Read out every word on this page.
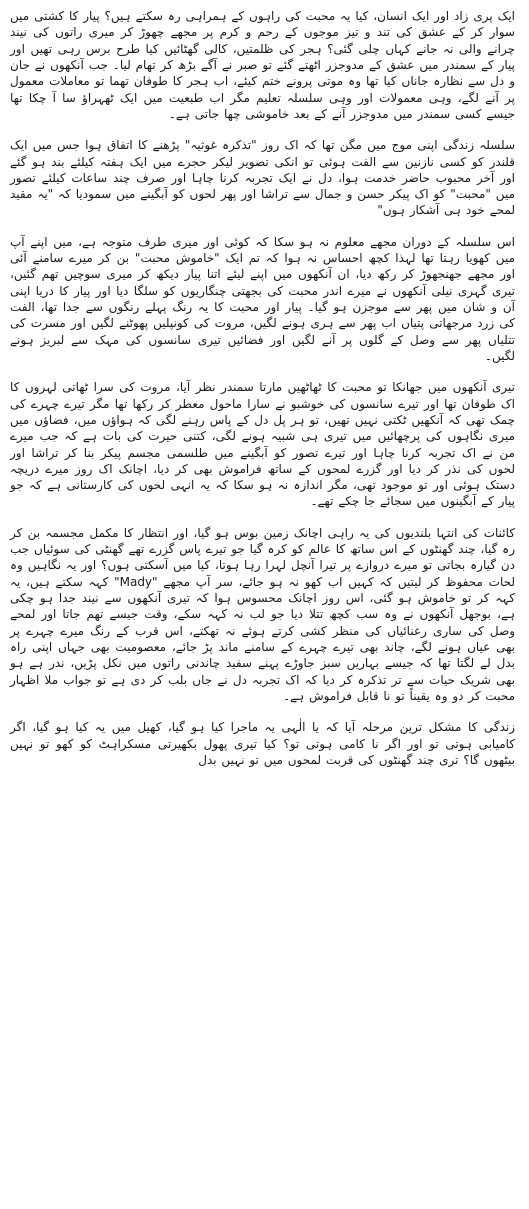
ایک پری زاد اور ایک انسان، کیا یہ محبت کی راہوں کے ہمراہی رہ سکتے ہیں؟ پیار کا کشتی میں سوار کر کے عشق کی تند و تیز موجوں کے رحم و کرم پر مجھے چھوڑ کر میری راتوں کی نیند چرانے والی نہ جانے کہاں چلی گئی؟ ہجر کی ظلمتیں، کالی گھٹائیں کیا طرح برس رہی تھیں اور پیار کے سمندر میں عشق کے مدوجزر اٹھتے گئے تو صبر نے آگے بڑھ کر تھام لیا۔ جب آنکھوں نے جان و دل سے نظارہ جاناں کیا تھا وہ موتی پرونے ختم کیئے، اب ہجر کا طوفان تھما تو معاملات معمول پر آنے لگے، وہی معمولات اور وہی سلسلہ تعلیم مگر اب طبعیت میں ایک ٹھہراؤ سا آ چکا تھا جیسے کسی سمندر میں مدوجزر آنے کے بعد خاموشی چھا جاتی ہے۔

سلسلہ زندگی اپنی موج میں مگن تھا کہ اک روز "تذکرہ غوثیہ" پڑھنے کا اتفاق ہوا جس میں ایک قلندر کو کسی نازنین سے الفت ہوئی تو انکی تصویر لیکر حجرے میں ایک ہفتہ کیلئے بند ہو گئے اور آخر محبوب حاضر خدمت ہوا، دل نے ایک تجربہ کرنا چاہا اور صرف چند ساعات کیلئے تصور میں "محبت" کو اک پیکر حسن و جمال سے تراشا اور پھر لحوں کو آبگینے میں سمودیا کہ "یہ مقید لمحے خود ہی آشکار ہوں"

اس سلسلہ کے دوران مجھے معلوم نہ ہو سکا کہ کوئی اور میری طرف متوجہ ہے، میں اپنے آپ میں کھویا رہتا تھا لہذا کچھ احساس نہ ہوا کہ تم ایک "خاموش محبت" بن کر میرے سامنے آئی اور مجھے جھنجھوڑ کر رکھ دیا، ان آنکھوں میں اپنے لیئے اتنا پیار دیکھ کر میری سوچیں تھم گئیں، تیری گہری نیلی آنکھوں نے میرے اندر محبت کی بجھتی چنگاریوں کو سلگا دیا اور پیار کا دریا اپنی آن و شان میں پھر سے موجزن ہو گیا۔ پیار اور محبت کا یہ رنگ پہلے رنگوں سے جدا تھا، الفت کی زرد مرجھاتی پتیاں اب پھر سے ہری ہونے لگیں، مروت کی کونپلیں پھوٹنے لگیں اور مسرت کی تتلیاں پھر سے وصل کے گلوں پر آنے لگیں اور فضائیں تیری سانسوں کی مہک سے لبریز ہونے لگیں۔

تیری آنکھوں میں جھانکا تو محبت کا ٹھاٹھیں مارتا سمندر نظر آیا، مروت کی سرا ٹھاتی لہروں کا اک طوفان تھا اور تیرے سانسوں کی خوشبو نے سارا ماحول معطر کر رکھا تھا مگر تیرے چہرے کی چمک تھی کہ آنکھیں ٹکتی نہیں تھیں، تو ہر پل دل کے پاس رہنے لگی کہ ہواؤں میں، فضاؤں میں میری نگاہوں کی پرچھائیں میں تیری ہی شبیہ ہونے لگی، کتنی حیرت کی بات ہے کہ جب میرے من نے اک تجربہ کرنا چاہا اور تیرے تصور کو آبگینے میں طلسمی مجسم پیکر بنا کر تراشا اور لحوں کی نذر کر دیا اور گزرے لمحوں کے ساتھ فراموش بھی کر دیا، اچانک اک روز میرے دریچہ دستک ہوئی اور تو موجود تھی، مگر اندازہ نہ ہو سکا کہ یہ انہی لحوں کی کارستانی ہے کہ جو پیار کے آبگینوں میں سجائے جا چکے تھے۔

کائنات کی انتہا بلندیوں کی یہ راہی اچانک زمین بوس ہو گیا، اور انتظار کا مکمل مجسمہ بن کر رہ گیا، چند گھنٹوں کے اس ساتھ کا عالم کو کرہ گیا جو تیرے پاس گزرے تھے گھنٹی کی سوئیاں جب دن گیارہ بجاتی تو میرے دروازے پر تیرا آنچل لہرا رہا ہوتا، کیا میں آسکتی ہوں؟ اور یہ نگاہیں وہ لحات محفوظ کر لیتیں کہ کہیں اب کھو نہ ہو جائے، سر آپ مجھے "Mady" کہہ سکتے ہیں، یہ کہہ کر تو خاموش ہو گئی، اس روز اچانک محسوس ہوا کہ تیری آنکھوں سے نیند جدا ہو چکی ہے، بوجھل آنکھوں نے وہ سب کچھ تتلا دیا جو لب نہ کہہ سکے، وقت جیسے تھم جاتا اور لمحے وصل کی ساری رعنائیاں کی منظر کشی کرتے ہوئے نہ تھکتے، اس قرب کے رنگ میرے چہرے پر بھی عیاں ہونے لگے، چاند بھی تیرے چہرے کے سامنے ماند پڑ جائے، معصومیت بھی جہاں اپنی راہ بدل لے لگتا تھا کہ جیسے بہاریں سبز جاوڑے پہنے سفید چاندنی راتوں میں نکل پڑیں، ندر ہے ہو بھی شریک حیات سے تر تذکرہ کر دیا کہ اک تجربہ دل نے جاں بلب کر دی ہے تو جواب ملا اظہار محبت کر دو وہ یقیناً تو نا قابل فراموش ہے۔

زندگی کا مشکل ترین مرحلہ آیا کہ یا الٰہی یہ ماجرا کیا ہو گیا، کھیل میں یہ کیا ہو گیا، اگر کامیابی ہوتی تو اور اگر نا کامی ہوتی تو؟ کیا تیری پھول بکھیرتی مسکراہٹ کو کھو تو نہیں بیٹھوں گا؟ تری چند گھنٹوں کی قربت لمحوں میں تو نہیں بدل
